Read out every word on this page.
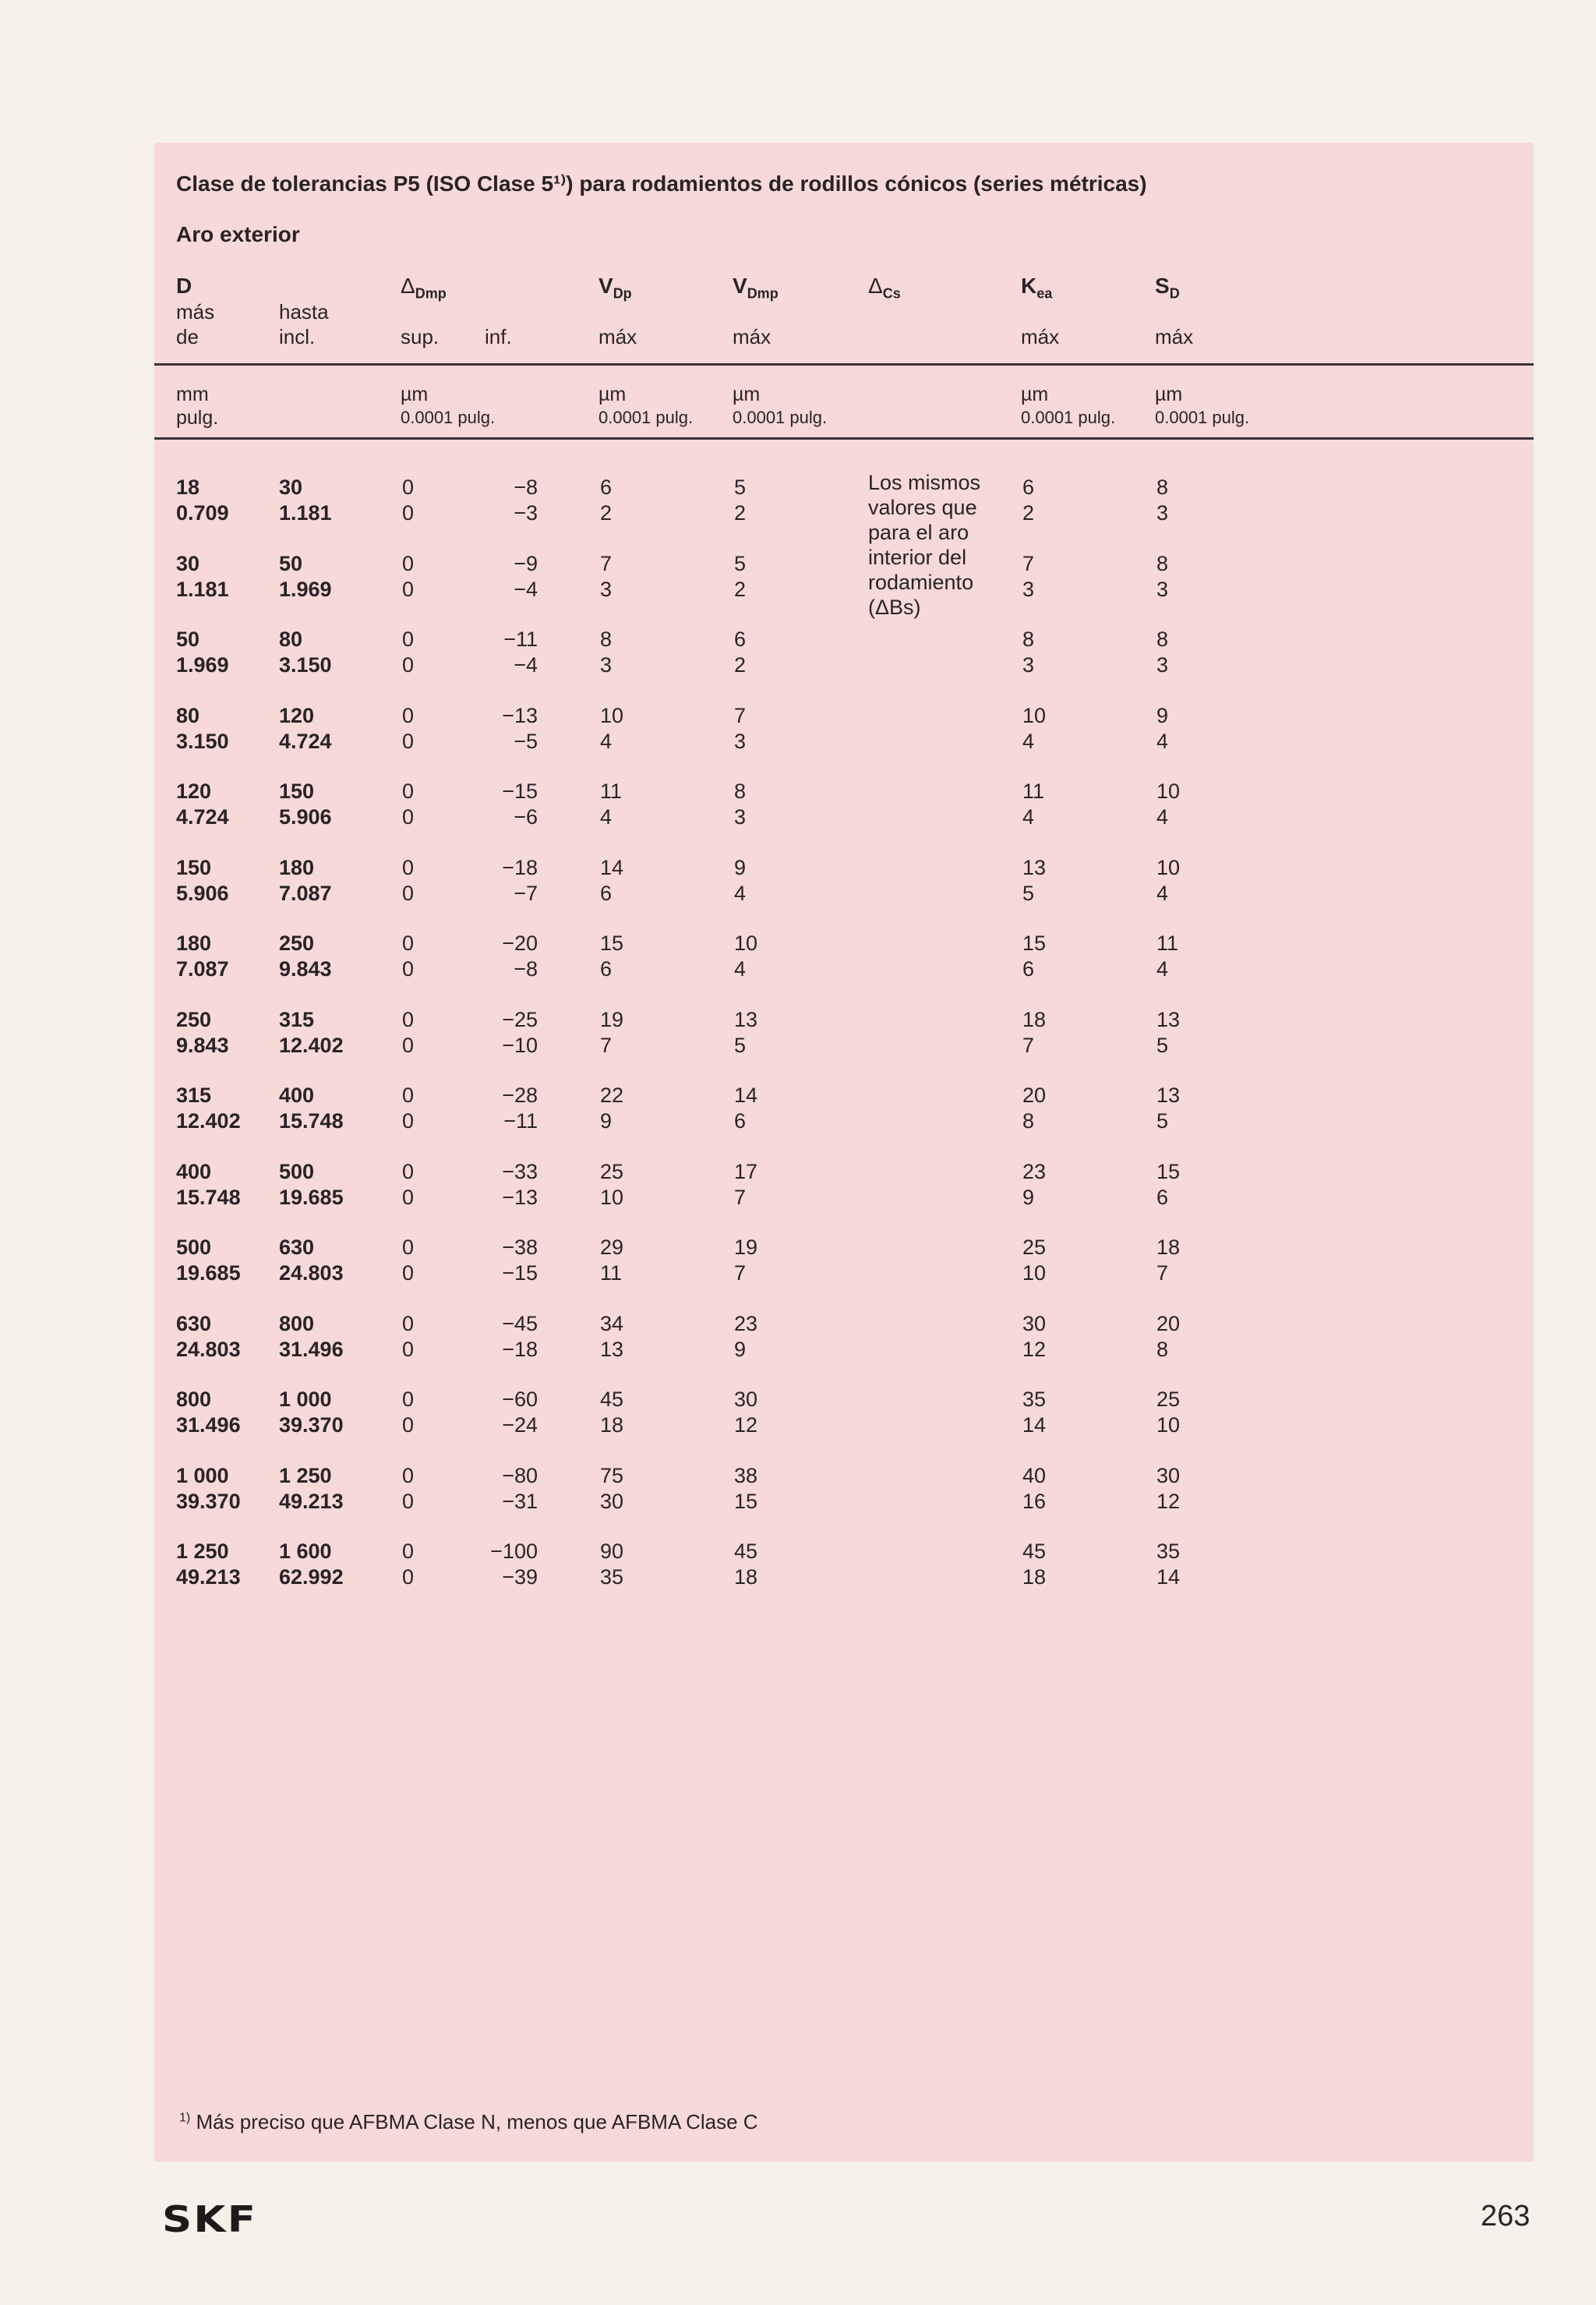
Clase de tolerancias P5 (ISO Clase 5¹⁾) para rodamientos de rodillos cónicos (series métricas)
Aro exterior
D
más
de
hasta
incl.
$\Delta_{Dmp}$
sup. inf.
$V_{Dp}$
máx
$V_{Dmp}$
máx
$\Delta_{Cs}$	$K_{ea}$
máx
$S_D$
máx
mm
pulg.
µm
0.0001 pulg.
µm
0.0001 pulg.
µm
0.0001 pulg.
µm
0.0001 pulg.
µm
0.0001 pulg.
Los mismos
valores que
para el aro
interior del
rodamiento
(ΔBs)
18
0.709
30
1.181
0
0
−8
−3
6
2
5
2
6
2
8
3
30
1.181
50
1.969
0
0
−9
−4
7
3
5
2
7
3
8
3
50
1.969
80
3.150
0
0
−11
−4
8
3
6
2
8
3
8
3
80
3.150
120
4.724
0
0
−13
−5
10
4
7
3
10
4
9
4
120
4.724
150
5.906
0
0
−15
−6
11
4
8
3
11
4
10
4
150
5.906
180
7.087
0
0
−18
−7
14
6
9
4
13
5
10
4
180
7.087
250
9.843
0
0
−20
−8
15
6
10
4
15
6
11
4
250
9.843
315
12.402
0
0
−25
−10
19
7
13
5
18
7
13
5
315
12.402
400
15.748
0
0
−28
−11
22
9
14
6
20
8
13
5
400
15.748
500
19.685
0
0
−33
−13
25
10
17
7
23
9
15
6
500
19.685
630
24.803
0
0
−38
−15
29
11
19
7
25
10
18
7
630
24.803
800
31.496
0
0
−45
−18
34
13
23
9
30
12
20
8
800
31.496
1 000
39.370
0
0
−60
−24
45
18
30
12
35
14
25
10
1 000
39.370
1 250
49.213
0
0
−80
−31
75
30
38
15
40
16
30
12
1 250
49.213
1 600
62.992
0
0
−100
−39
90
35
45
18
45
18
35
14
$^{1)}$ Más preciso que AFBMA Clase N, menos que AFBMA Clase C
SKF	263
